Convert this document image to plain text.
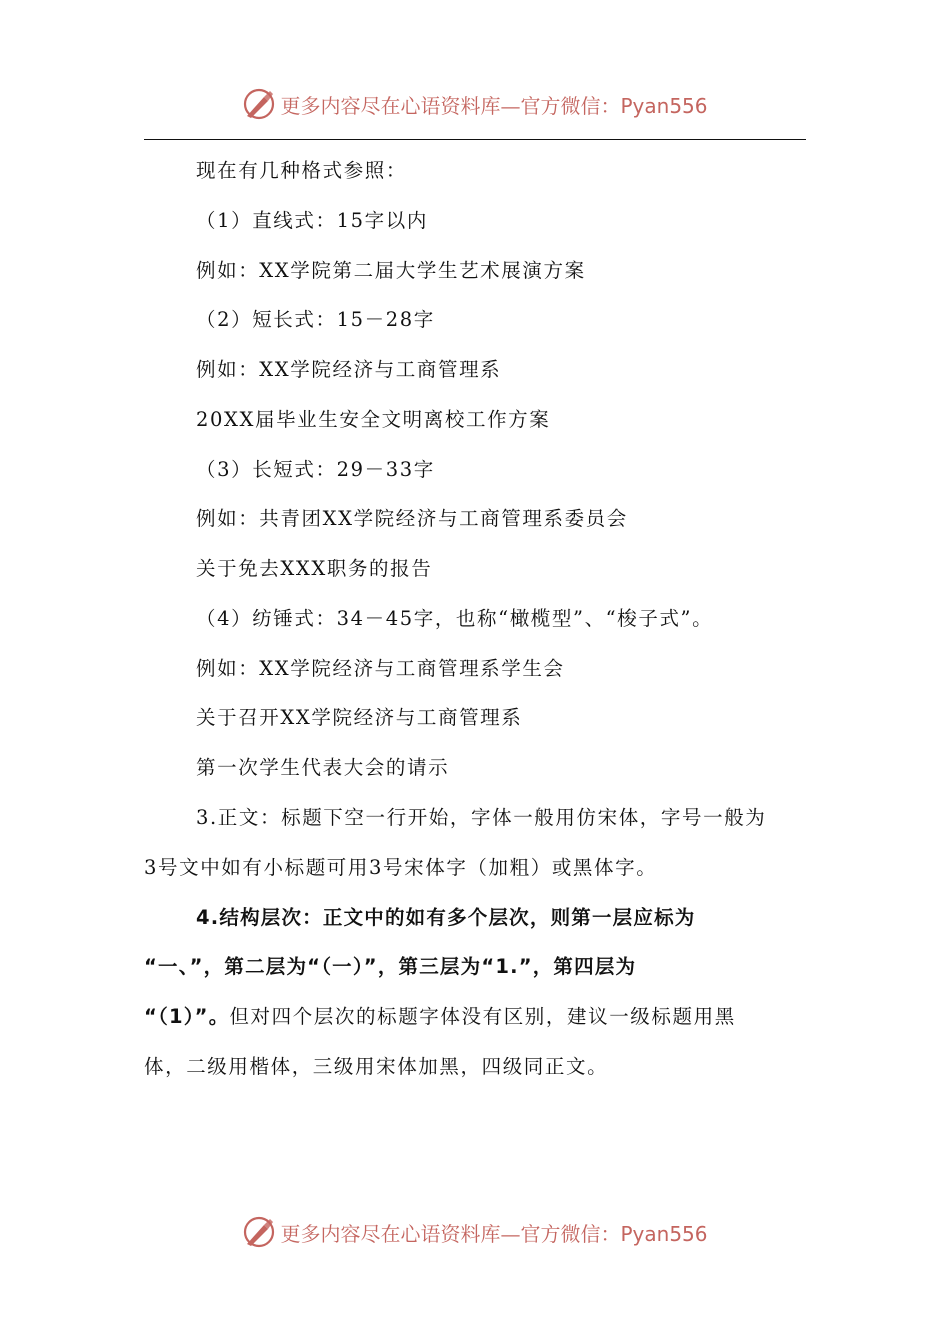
更多内容尽在心语资料库—官方微信：Pyan556
现在有几种格式参照：
（1）直线式：15字以内
例如：XX学院第二届大学生艺术展演方案
（2）短长式：15－28字
例如：XX学院经济与工商管理系
20XX届毕业生安全文明离校工作方案
（3）长短式：29－33字
例如：共青团XX学院经济与工商管理系委员会
关于免去XXX职务的报告
（4）纺锤式：34－45字，也称“橄榄型”、“梭子式”。
例如：XX学院经济与工商管理系学生会
关于召开XX学院经济与工商管理系
第一次学生代表大会的请示
3.正文：标题下空一行开始，字体一般用仿宋体，字号一般为
3号文中如有小标题可用3号宋体字（加粗）或黑体字。
4.结构层次：正文中的如有多个层次，则第一层应标为
“一、”，第二层为“（一）”，第三层为“1.”，第四层为
“（1）”。但对四个层次的标题字体没有区别，建议一级标题用黑
体，二级用楷体，三级用宋体加黑，四级同正文。
更多内容尽在心语资料库—官方微信：Pyan556
